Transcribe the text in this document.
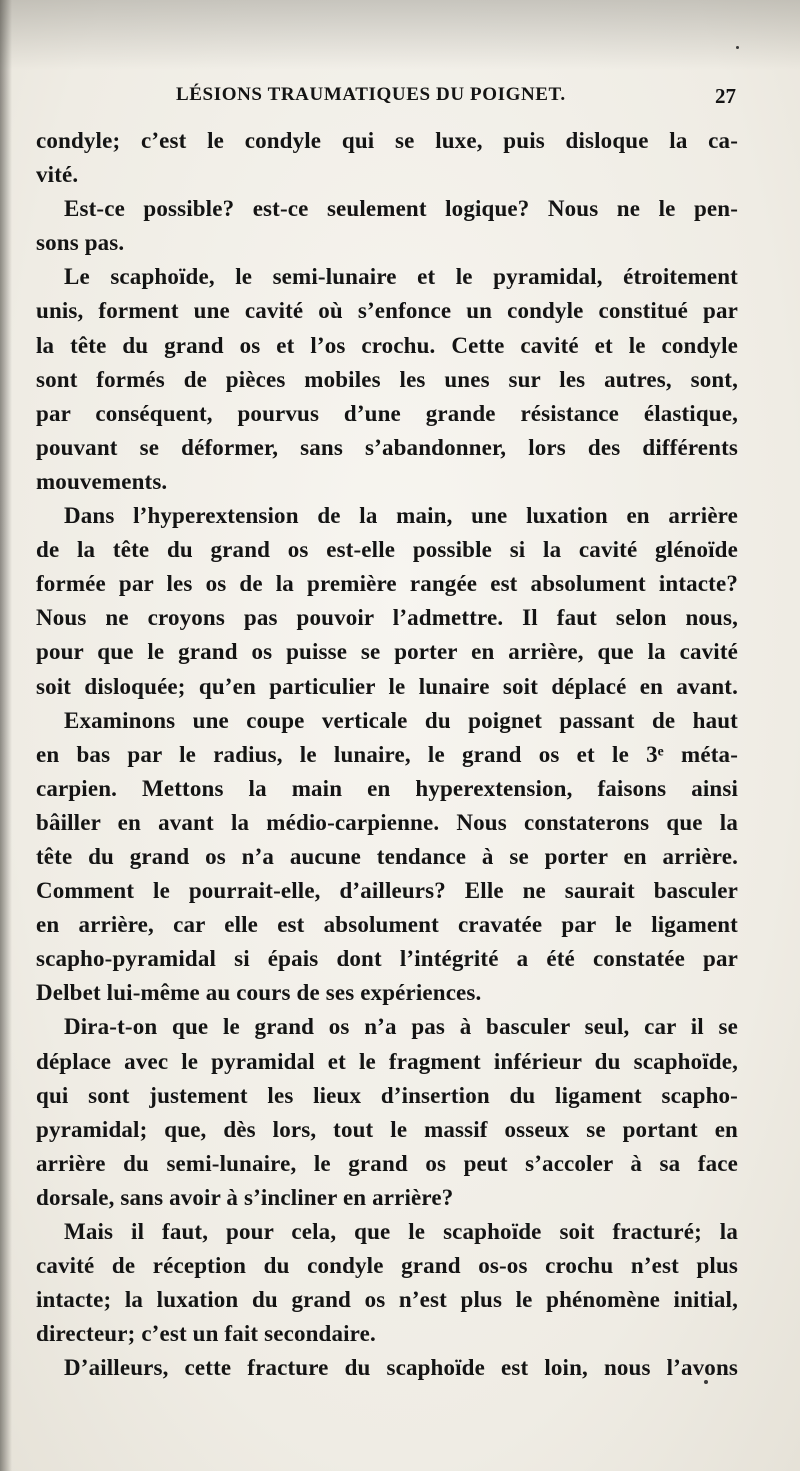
LÉSIONS TRAUMATIQUES DU POIGNET.	27
condyle; c’est le condyle qui se luxe, puis disloque la ca-
vité.
Est-ce possible? est-ce seulement logique? Nous ne le pen-
sons pas.
Le scaphoïde, le semi-lunaire et le pyramidal, étroitement
unis, forment une cavité où s’enfonce un condyle constitué par
la tête du grand os et l’os crochu. Cette cavité et le condyle
sont formés de pièces mobiles les unes sur les autres, sont,
par conséquent, pourvus d’une grande résistance élastique,
pouvant se déformer, sans s’abandonner, lors des différents
mouvements.
Dans l’hyperextension de la main, une luxation en arrière
de la tête du grand os est-elle possible si la cavité glénoïde
formée par les os de la première rangée est absolument intacte?
Nous ne croyons pas pouvoir l’admettre. Il faut selon nous,
pour que le grand os puisse se porter en arrière, que la cavité
soit disloquée; qu’en particulier le lunaire soit déplacé en avant.
Examinons une coupe verticale du poignet passant de haut
en bas par le radius, le lunaire, le grand os et le 3ᵉ méta-
carpien. Mettons la main en hyperextension, faisons ainsi
bâiller en avant la médio-carpienne. Nous constaterons que la
tête du grand os n’a aucune tendance à se porter en arrière.
Comment le pourrait-elle, d’ailleurs? Elle ne saurait basculer
en arrière, car elle est absolument cravatée par le ligament
scapho-pyramidal si épais dont l’intégrité a été constatée par
Delbet lui-même au cours de ses expériences.
Dira-t-on que le grand os n’a pas à basculer seul, car il se
déplace avec le pyramidal et le fragment inférieur du scaphoïde,
qui sont justement les lieux d’insertion du ligament scapho-
pyramidal; que, dès lors, tout le massif osseux se portant en
arrière du semi-lunaire, le grand os peut s’accoler à sa face
dorsale, sans avoir à s’incliner en arrière?
Mais il faut, pour cela, que le scaphoïde soit fracturé; la
cavité de réception du condyle grand os-os crochu n’est plus
intacte; la luxation du grand os n’est plus le phénomène initial,
directeur; c’est un fait secondaire.
D’ailleurs, cette fracture du scaphoïde est loin, nous l’avons
